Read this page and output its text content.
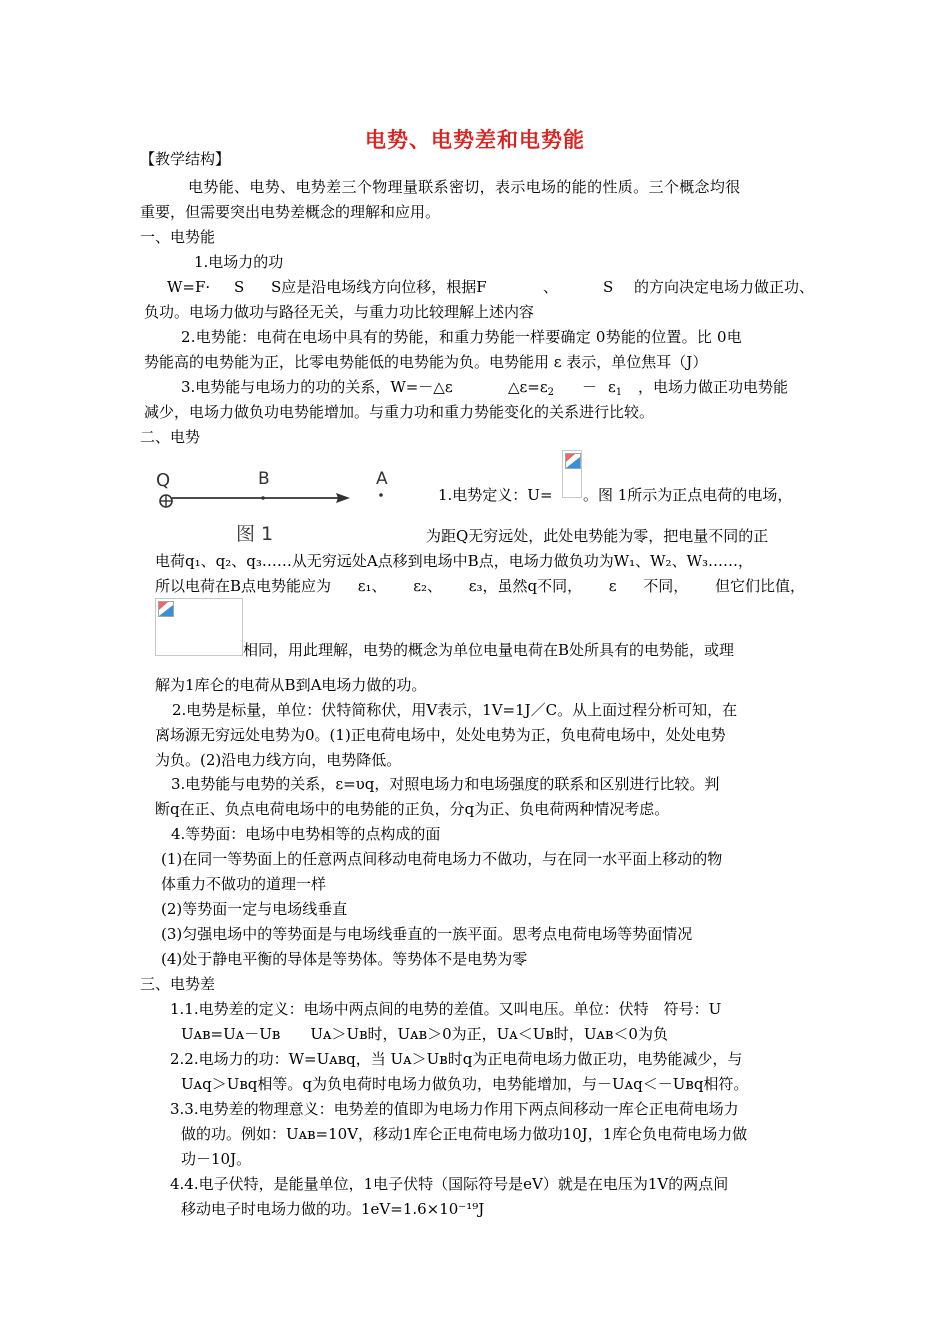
电势、电势差和电势能
【教学结构】
电势能、电势、电势差三个物理量联系密切，表示电场的能的性质。三个概念均很
重要，但需要突出电势差概念的理解和应用。
一、电势能
1.电场力的功
W=F· S S应是沿电场线方向位移，根据F	、	S 的方向决定电场力做正功、
负功。电场力做功与路径无关，与重力功比较理解上述内容
2.电势能：电荷在电场中具有的势能，和重力势能一样要确定 0势能的位置。比 0电
势能高的电势能为正，比零电势能低的电势能为负。电势能用 ε 表示，单位焦耳（J）
3.电势能与电场力的功的关系，W=－△ε	$\triangle\varepsilon=\varepsilon_2 - \varepsilon_1$ ，电场力做正功电势能
减少，电场力做负功电势能增加。与重力功和重力势能变化的关系进行比较。
二、电势
Q	B	A
图 1
1.电势定义：U= 。图 1所示为正点电荷的电场，
为距Q无穷远处，此处电势能为零，把电量不同的正
电荷q₁、q₂、q₃……从无穷远处A点移到电场中B点，电场力做负功为W₁、W₂、W₃……，
所以电荷在B点电势能应为 ε₁、 ε₂、 ε₃，虽然q不同， ε 不同， 但它们比值，
相同，用此理解，电势的概念为单位电量电荷在B处所具有的电势能，或理
解为1库仑的电荷从B到A电场力做的功。
2.电势是标量，单位：伏特简称伏，用V表示，1V=1J／C。从上面过程分析可知，在
离场源无穷远处电势为0。(1)正电荷电场中，处处电势为正，负电荷电场中，处处电势
为负。(2)沿电力线方向，电势降低。
3.电势能与电势的关系，ε=υq，对照电场力和电场强度的联系和区别进行比较。判
断q在正、负点电荷电场中的电势能的正负，分q为正、负电荷两种情况考虑。
4.等势面：电场中电势相等的点构成的面
(1)在同一等势面上的任意两点间移动电荷电场力不做功，与在同一水平面上移动的物
体重力不做功的道理一样
(2)等势面一定与电场线垂直
(3)匀强电场中的等势面是与电场线垂直的一族平面。思考点电荷电场等势面情况
(4)处于静电平衡的导体是等势体。等势体不是电势为零
三、电势差
1.1.电势差的定义：电场中两点间的电势的差值。又叫电压。单位：伏特　符号：U
Uᴀʙ=Uᴀ－Uʙ　　Uᴀ＞Uʙ时，Uᴀʙ＞0为正，Uᴀ＜Uʙ时，Uᴀʙ＜0为负
2.2.电场力的功：W=Uᴀʙq，当 Uᴀ＞Uʙ时q为正电荷电场力做正功，电势能减少，与
Uᴀq＞Uʙq相等。q为负电荷时电场力做负功，电势能增加，与－Uᴀq＜－Uʙq相符。
3.3.电势差的物理意义：电势差的值即为电场力作用下两点间移动一库仑正电荷电场力
做的功。例如：Uᴀʙ=10V，移动1库仑正电荷电场力做功10J，1库仑负电荷电场力做
功－10J。
4.4.电子伏特，是能量单位，1电子伏特（国际符号是eV）就是在电压为1V的两点间
移动电子时电场力做的功。1eV=1.6×10⁻¹⁹J
